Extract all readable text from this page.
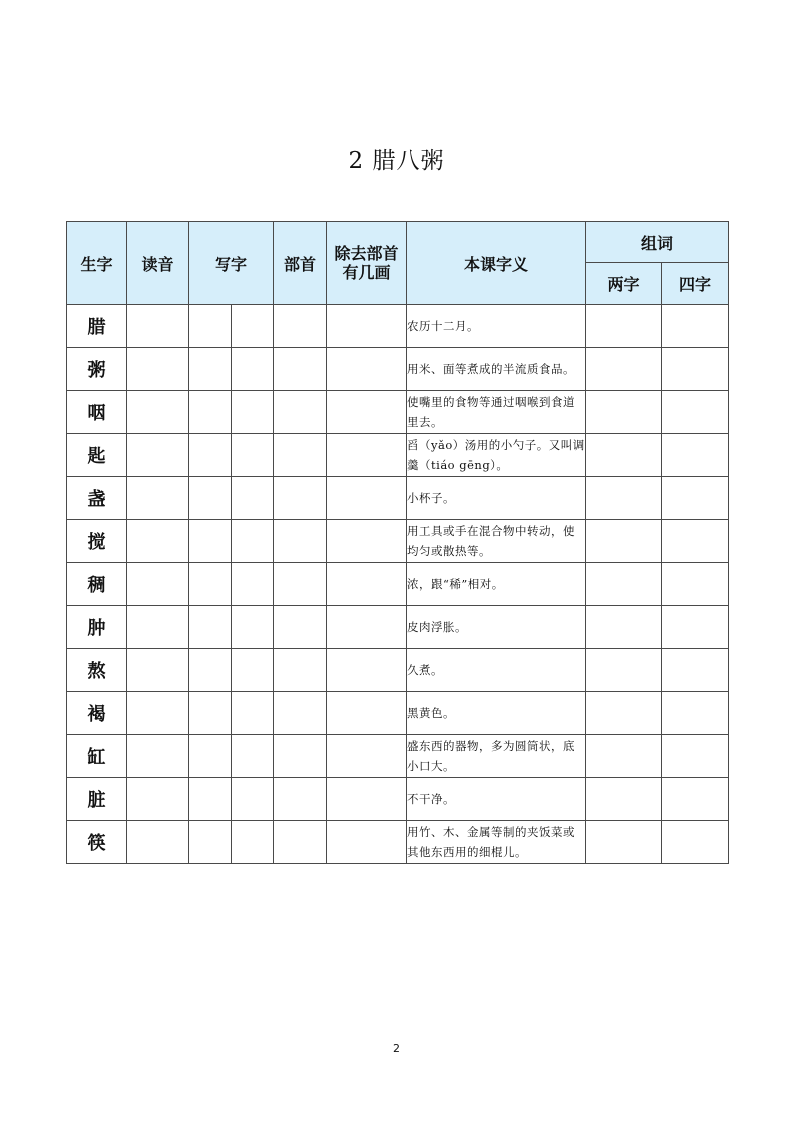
2 腊八粥
生字	读音	写字		部首	除去部首有几画	本课字义	组词	
							两字	四字
腊						农历十二月。		
粥						用米、面等煮成的半流质食品。		
咽						使嘴里的食物等通过咽喉到食道里去。		
匙						舀（yǎo）汤用的小勺子。又叫调羹（tiáo gēng）。		
盏						小杯子。		
搅						用工具或手在混合物中转动，使均匀或散热等。		
稠						浓，跟“稀”相对。		
肿						皮肉浮胀。		
熬						久煮。		
褐						黑黄色。		
缸						盛东西的器物，多为圆筒状，底小口大。		
脏						不干净。		
筷						用竹、木、金属等制的夹饭菜或其他东西用的细棍儿。		
2
